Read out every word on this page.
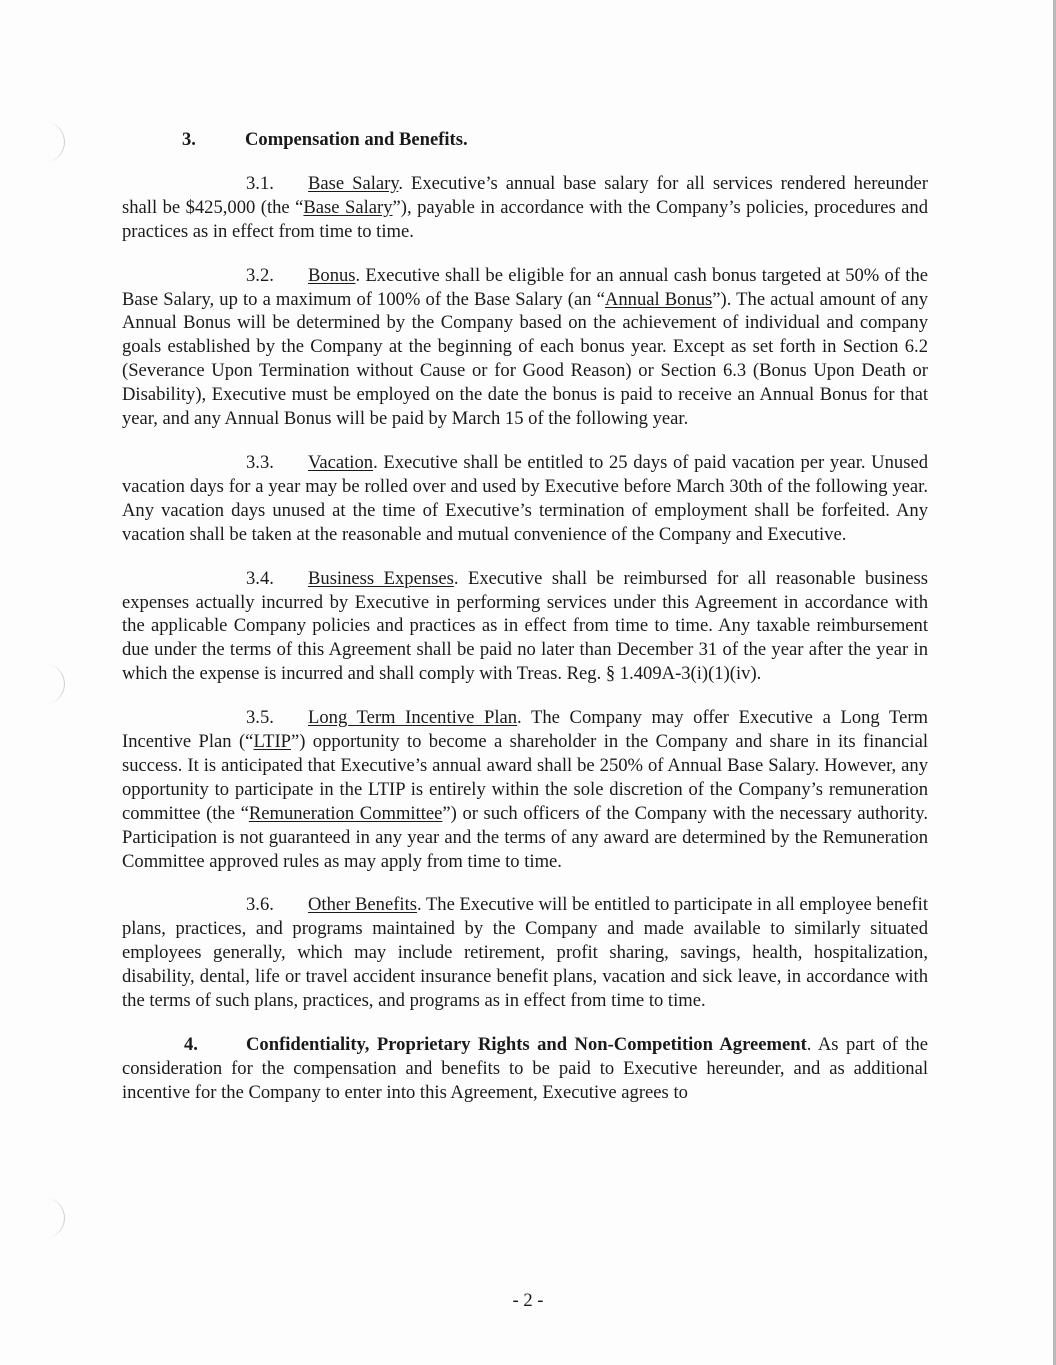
3.	Compensation and Benefits.

3.1. Base Salary. Executive’s annual base salary for all services rendered hereunder shall be $425,000 (the “Base Salary”), payable in accordance with the Company’s policies, procedures and practices as in effect from time to time.

3.2. Bonus. Executive shall be eligible for an annual cash bonus targeted at 50% of the Base Salary, up to a maximum of 100% of the Base Salary (an “Annual Bonus”). The actual amount of any Annual Bonus will be determined by the Company based on the achievement of individual and company goals established by the Company at the beginning of each bonus year. Except as set forth in Section 6.2 (Severance Upon Termination without Cause or for Good Reason) or Section 6.3 (Bonus Upon Death or Disability), Executive must be employed on the date the bonus is paid to receive an Annual Bonus for that year, and any Annual Bonus will be paid by March 15 of the following year.

3.3. Vacation. Executive shall be entitled to 25 days of paid vacation per year. Unused vacation days for a year may be rolled over and used by Executive before March 30th of the following year. Any vacation days unused at the time of Executive’s termination of employment shall be forfeited. Any vacation shall be taken at the reasonable and mutual convenience of the Company and Executive.

3.4. Business Expenses. Executive shall be reimbursed for all reasonable business expenses actually incurred by Executive in performing services under this Agreement in accordance with the applicable Company policies and practices as in effect from time to time. Any taxable reimbursement due under the terms of this Agreement shall be paid no later than December 31 of the year after the year in which the expense is incurred and shall comply with Treas. Reg. § 1.409A-3(i)(1)(iv).

3.5. Long Term Incentive Plan. The Company may offer Executive a Long Term Incentive Plan (“LTIP”) opportunity to become a shareholder in the Company and share in its financial success. It is anticipated that Executive’s annual award shall be 250% of Annual Base Salary. However, any opportunity to participate in the LTIP is entirely within the sole discretion of the Company’s remuneration committee (the “Remuneration Committee”) or such officers of the Company with the necessary authority. Participation is not guaranteed in any year and the terms of any award are determined by the Remuneration Committee approved rules as may apply from time to time.

3.6. Other Benefits. The Executive will be entitled to participate in all employee benefit plans, practices, and programs maintained by the Company and made available to similarly situated employees generally, which may include retirement, profit sharing, savings, health, hospitalization, disability, dental, life or travel accident insurance benefit plans, vacation and sick leave, in accordance with the terms of such plans, practices, and programs as in effect from time to time.

4.	Confidentiality, Proprietary Rights and Non-Competition Agreement. As part of the consideration for the compensation and benefits to be paid to Executive hereunder, and as additional incentive for the Company to enter into this Agreement, Executive agrees to

- 2 -
